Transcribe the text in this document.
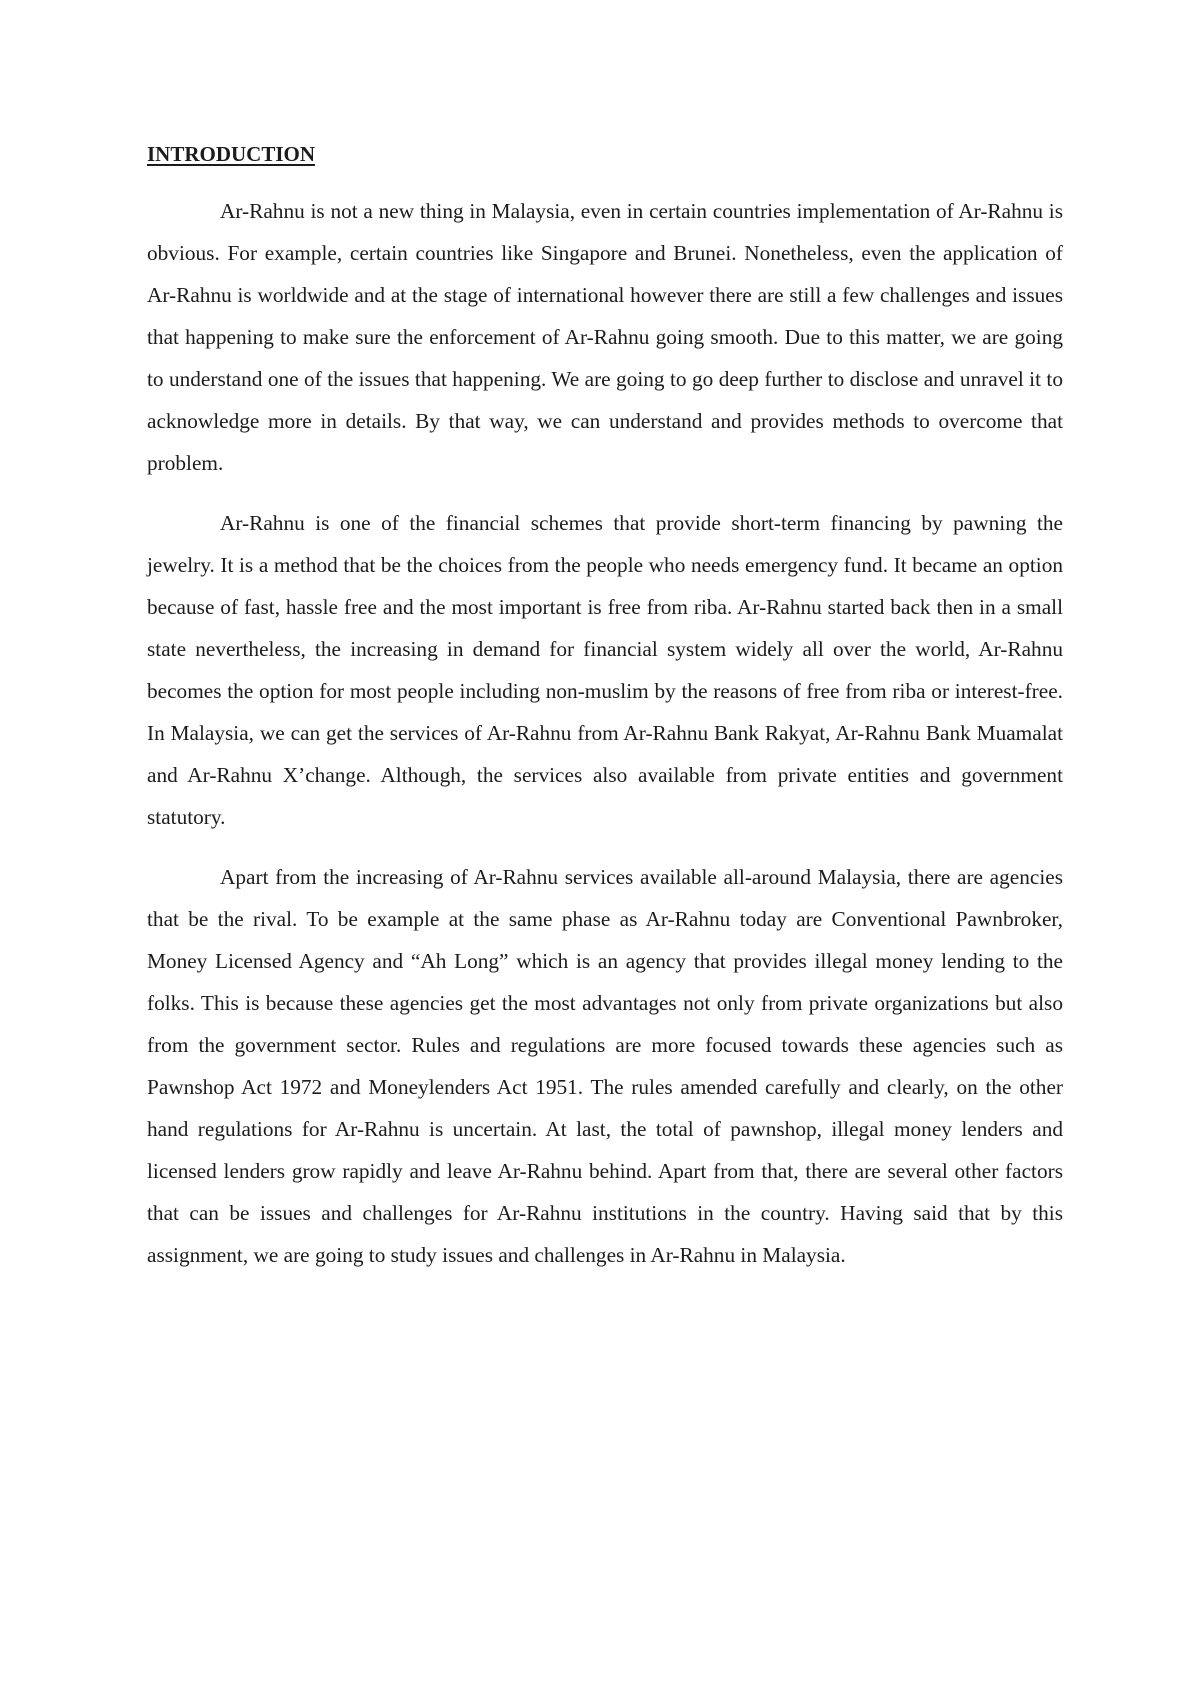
INTRODUCTION

Ar-Rahnu is not a new thing in Malaysia, even in certain countries implementation of Ar-Rahnu is obvious. For example, certain countries like Singapore and Brunei. Nonetheless, even the application of Ar-Rahnu is worldwide and at the stage of international however there are still a few challenges and issues that happening to make sure the enforcement of Ar-Rahnu going smooth. Due to this matter, we are going to understand one of the issues that happening. We are going to go deep further to disclose and unravel it to acknowledge more in details. By that way, we can understand and provides methods to overcome that problem.

Ar-Rahnu is one of the financial schemes that provide short-term financing by pawning the jewelry. It is a method that be the choices from the people who needs emergency fund. It became an option because of fast, hassle free and the most important is free from riba. Ar-Rahnu started back then in a small state nevertheless, the increasing in demand for financial system widely all over the world, Ar-Rahnu becomes the option for most people including non-muslim by the reasons of free from riba or interest-free. In Malaysia, we can get the services of Ar-Rahnu from Ar-Rahnu Bank Rakyat, Ar-Rahnu Bank Muamalat and Ar-Rahnu X’change. Although, the services also available from private entities and government statutory.

Apart from the increasing of Ar-Rahnu services available all-around Malaysia, there are agencies that be the rival. To be example at the same phase as Ar-Rahnu today are Conventional Pawnbroker, Money Licensed Agency and “Ah Long” which is an agency that provides illegal money lending to the folks. This is because these agencies get the most advantages not only from private organizations but also from the government sector. Rules and regulations are more focused towards these agencies such as Pawnshop Act 1972 and Moneylenders Act 1951. The rules amended carefully and clearly, on the other hand regulations for Ar-Rahnu is uncertain. At last, the total of pawnshop, illegal money lenders and licensed lenders grow rapidly and leave Ar-Rahnu behind. Apart from that, there are several other factors that can be issues and challenges for Ar-Rahnu institutions in the country. Having said that by this assignment, we are going to study issues and challenges in Ar-Rahnu in Malaysia.
